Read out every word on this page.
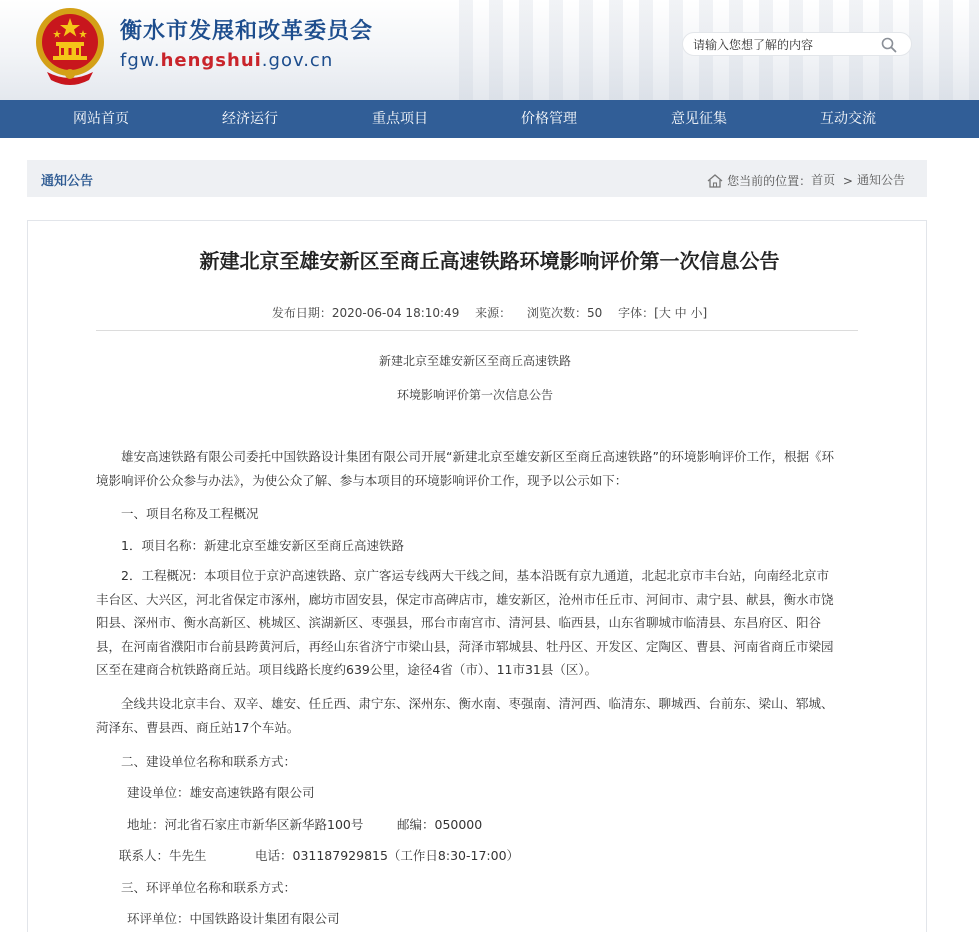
衡水市发展和改革委员会
fgw.hengshui.gov.cn
请输入您想了解的内容
网站首页	经济运行	重点项目	价格管理	意见征集	互动交流
通知公告	您当前的位置：首页 > 通知公告
新建北京至雄安新区至商丘高速铁路环境影响评价第一次信息公告
发布日期：2020-06-04 18:10:49 来源： 浏览次数：50 字体：[大 中 小]
新建北京至雄安新区至商丘高速铁路
环境影响评价第一次信息公告

雄安高速铁路有限公司委托中国铁路设计集团有限公司开展“新建北京至雄安新区至商丘高速铁路”的环境影响评价工作，根据《环境影响评价公众参与办法》，为使公众了解、参与本项目的环境影响评价工作，现予以公示如下：

一、项目名称及工程概况
1．项目名称：新建北京至雄安新区至商丘高速铁路

2．工程概况：本项目位于京沪高速铁路、京广客运专线两大干线之间，基本沿既有京九通道，北起北京市丰台站，向南经北京市丰台区、大兴区，河北省保定市涿州，廊坊市固安县，保定市高碑店市，雄安新区，沧州市任丘市、河间市、肃宁县、献县，衡水市饶阳县、深州市、衡水高新区、桃城区、滨湖新区、枣强县，邢台市南宫市、清河县、临西县，山东省聊城市临清县、东昌府区、阳谷县，在河南省濮阳市台前县跨黄河后，再经山东省济宁市梁山县，菏泽市郓城县、牡丹区、开发区、定陶区、曹县、河南省商丘市梁园区至在建商合杭铁路商丘站。项目线路长度约639公里，途径4省（市）、11市31县（区）。

全线共设北京丰台、双辛、雄安、任丘西、肃宁东、深州东、衡水南、枣强南、清河西、临清东、聊城西、台前东、梁山、郓城、菏泽东、曹县西、商丘站17个车站。

二、建设单位名称和联系方式：
建设单位：雄安高速铁路有限公司
地址：河北省石家庄市新华区新华路100号	邮编：050000
联系人：牛先生	电话：031187929815（工作日8:30-17:00）
三、环评单位名称和联系方式：
环评单位：中国铁路设计集团有限公司
